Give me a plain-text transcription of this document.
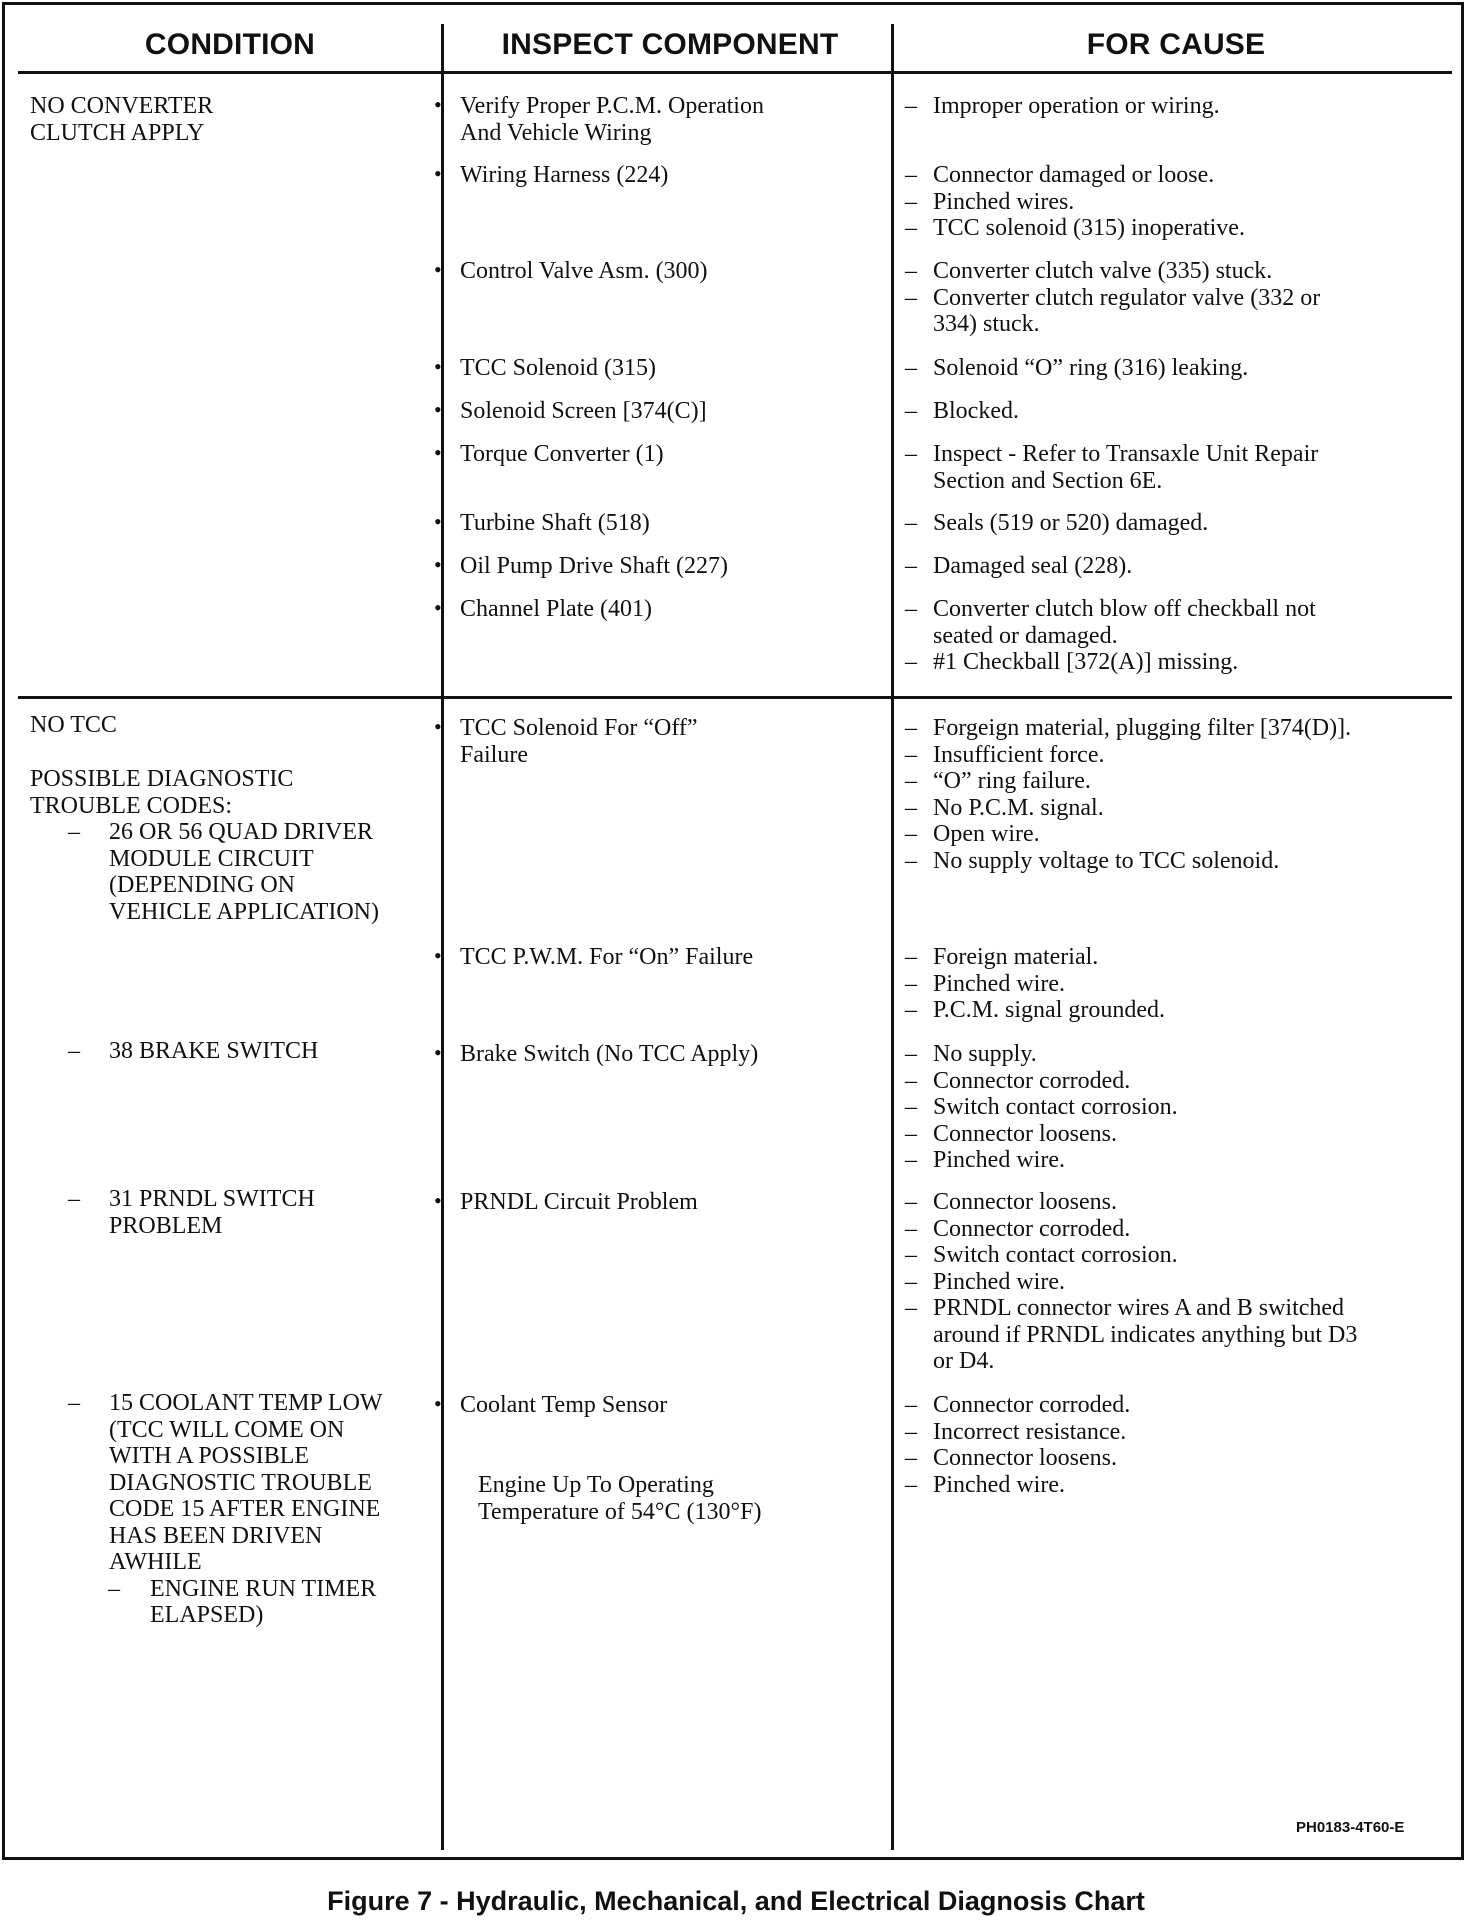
CONDITION	INSPECT COMPONENT	FOR CAUSE
NO CONVERTER
CLUTCH APPLY
• Verify Proper P.C.M. Operation
And Vehicle Wiring
• Wiring Harness (224)
• Control Valve Asm. (300)
• TCC Solenoid (315)
• Solenoid Screen [374(C)]
• Torque Converter (1)
• Turbine Shaft (518)
• Oil Pump Drive Shaft (227)
• Channel Plate (401)
– Improper operation or wiring.
– Connector damaged or loose.
– Pinched wires.
– TCC solenoid (315) inoperative.
– Converter clutch valve (335) stuck.
– Converter clutch regulator valve (332 or
334) stuck.
– Solenoid “O” ring (316) leaking.
– Blocked.
– Inspect - Refer to Transaxle Unit Repair
Section and Section 6E.
– Seals (519 or 520) damaged.
– Damaged seal (228).
– Converter clutch blow off checkball not
seated or damaged.
– #1 Checkball [372(A)] missing.
NO TCC
POSSIBLE DIAGNOSTIC
TROUBLE CODES:
– 26 OR 56 QUAD DRIVER
MODULE CIRCUIT
(DEPENDING ON
VEHICLE APPLICATION)
– 38 BRAKE SWITCH
– 31 PRNDL SWITCH
PROBLEM
– 15 COOLANT TEMP LOW
(TCC WILL COME ON
WITH A POSSIBLE
DIAGNOSTIC TROUBLE
CODE 15 AFTER ENGINE
HAS BEEN DRIVEN
AWHILE
– ENGINE RUN TIMER
ELAPSED)
• TCC Solenoid For “Off”
Failure
• TCC P.W.M. For “On” Failure
• Brake Switch (No TCC Apply)
• PRNDL Circuit Problem
• Coolant Temp Sensor
Engine Up To Operating
Temperature of 54°C (130°F)
– Forgeign material, plugging filter [374(D)].
– Insufficient force.
– “O” ring failure.
– No P.C.M. signal.
– Open wire.
– No supply voltage to TCC solenoid.
– Foreign material.
– Pinched wire.
– P.C.M. signal grounded.
– No supply.
– Connector corroded.
– Switch contact corrosion.
– Connector loosens.
– Pinched wire.
– Connector loosens.
– Connector corroded.
– Switch contact corrosion.
– Pinched wire.
– PRNDL connector wires A and B switched
around if PRNDL indicates anything but D3
or D4.
– Connector corroded.
– Incorrect resistance.
– Connector loosens.
– Pinched wire.
PH0183-4T60-E
Figure 7 - Hydraulic, Mechanical, and Electrical Diagnosis Chart
